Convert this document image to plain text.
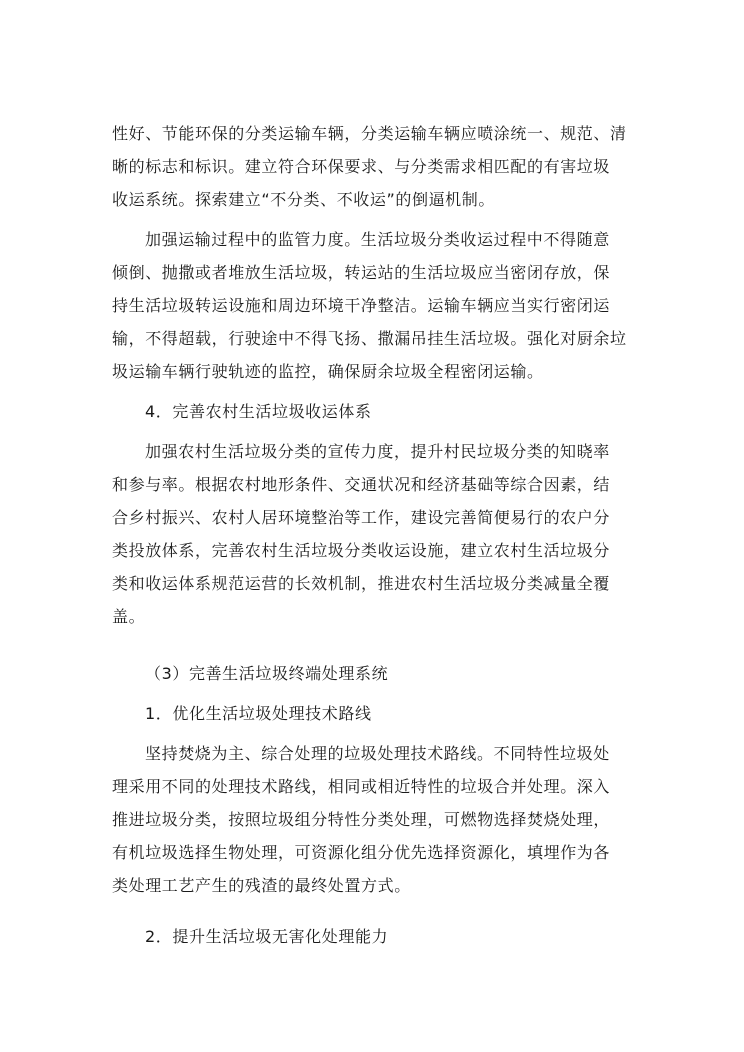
性好、节能环保的分类运输车辆，分类运输车辆应喷涂统一、规范、清
晰的标志和标识。建立符合环保要求、与分类需求相匹配的有害垃圾
收运系统。探索建立“不分类、不收运”的倒逼机制。
加强运输过程中的监管力度。生活垃圾分类收运过程中不得随意
倾倒、抛撒或者堆放生活垃圾，转运站的生活垃圾应当密闭存放，保
持生活垃圾转运设施和周边环境干净整洁。运输车辆应当实行密闭运
输，不得超载，行驶途中不得飞扬、撒漏吊挂生活垃圾。强化对厨余垃
圾运输车辆行驶轨迹的监控，确保厨余垃圾全程密闭运输。
4．完善农村生活垃圾收运体系
加强农村生活垃圾分类的宣传力度，提升村民垃圾分类的知晓率
和参与率。根据农村地形条件、交通状况和经济基础等综合因素，结
合乡村振兴、农村人居环境整治等工作，建设完善简便易行的农户分
类投放体系，完善农村生活垃圾分类收运设施，建立农村生活垃圾分
类和收运体系规范运营的长效机制，推进农村生活垃圾分类减量全覆
盖。
（3）完善生活垃圾终端处理系统
1．优化生活垃圾处理技术路线
坚持焚烧为主、综合处理的垃圾处理技术路线。不同特性垃圾处
理采用不同的处理技术路线，相同或相近特性的垃圾合并处理。深入
推进垃圾分类，按照垃圾组分特性分类处理，可燃物选择焚烧处理，
有机垃圾选择生物处理，可资源化组分优先选择资源化，填埋作为各
类处理工艺产生的残渣的最终处置方式。
2．提升生活垃圾无害化处理能力
